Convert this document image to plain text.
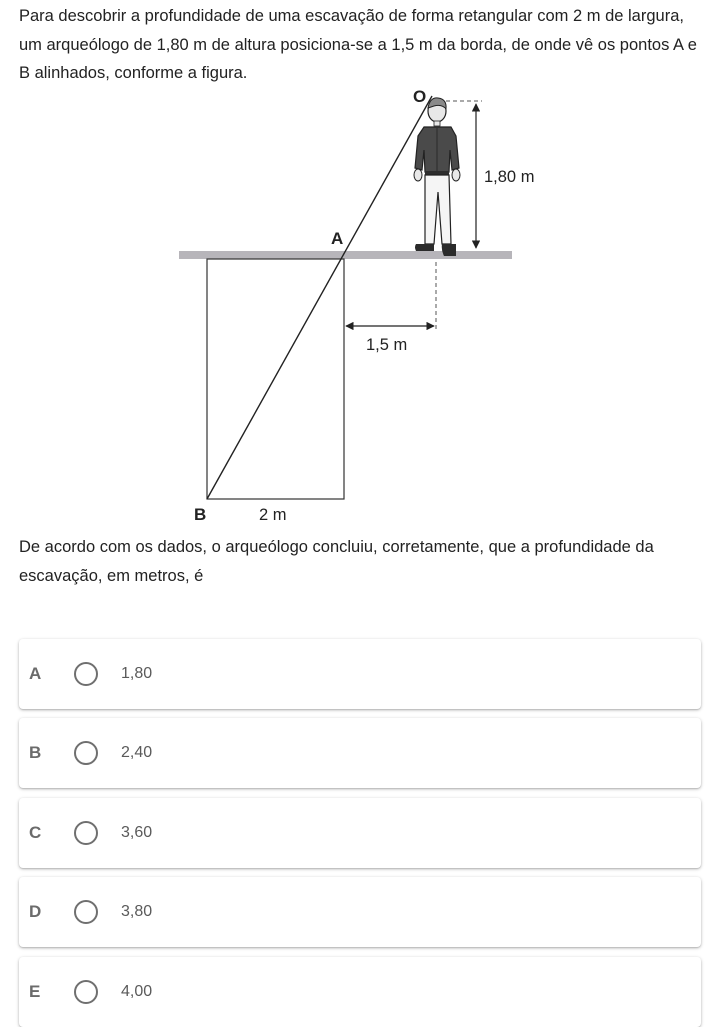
Para descobrir a profundidade de uma escavação de forma retangular com 2 m de largura, um arqueólogo de 1,80 m de altura posiciona-se a 1,5 m da borda, de onde vê os pontos A e B alinhados, conforme a figura.

O
A
B
1,80 m
1,5 m
2 m

De acordo com os dados, o arqueólogo concluiu, corretamente, que a profundidade da escavação, em metros, é

A	1,80
B	2,40
C	3,60
D	3,80
E	4,00
